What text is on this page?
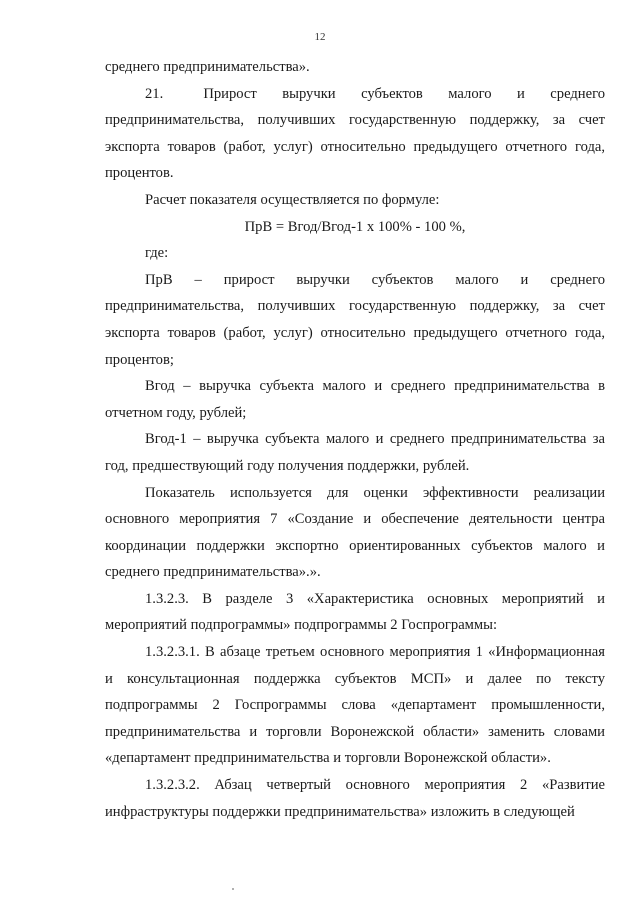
12

среднего предпринимательства».

21.  Прирост выручки субъектов малого и среднего предпринимательства, получивших государственную поддержку, за счет экспорта товаров (работ, услуг) относительно предыдущего отчетного года, процентов.

Расчет показателя осуществляется по формуле:

ПрВ = Вгод/Вгод-1 х 100% - 100 %,

где:

ПрВ – прирост выручки субъектов малого и среднего предпринимательства, получивших государственную поддержку, за счет экспорта товаров (работ, услуг) относительно предыдущего отчетного года, процентов;

Вгод – выручка субъекта малого и среднего предпринимательства в отчетном году, рублей;

Вгод-1 – выручка субъекта малого и среднего предпринимательства за год, предшествующий году получения поддержки, рублей.

Показатель используется для оценки эффективности реализации основного мероприятия 7 «Создание и обеспечение деятельности центра координации поддержки экспортно ориентированных субъектов малого и среднего предпринимательства».».

1.3.2.3. В разделе 3 «Характеристика основных мероприятий и мероприятий подпрограммы» подпрограммы 2 Госпрограммы:

1.3.2.3.1. В абзаце третьем основного мероприятия 1 «Информационная и консультационная поддержка субъектов МСП» и далее по тексту подпрограммы 2 Госпрограммы слова «департамент промышленности, предпринимательства и торговли Воронежской области» заменить словами «департамент предпринимательства и торговли Воронежской области».

1.3.2.3.2. Абзац четвертый основного мероприятия 2 «Развитие инфраструктуры поддержки предпринимательства» изложить в следующей
